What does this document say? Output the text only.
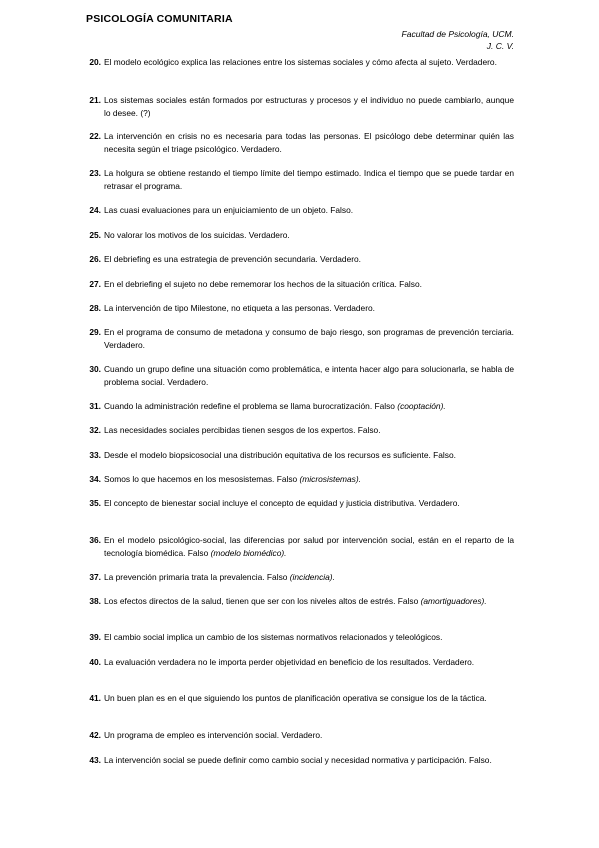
PSICOLOGÍA COMUNITARIA
Facultad de Psicología, UCM.
J. C. V.
20. El modelo ecológico explica las relaciones entre los sistemas sociales y cómo afecta al sujeto. Verdadero.
21. Los sistemas sociales están formados por estructuras y procesos y el individuo no puede cambiarlo, aunque lo desee. (?)
22. La intervención en crisis no es necesaria para todas las personas. El psicólogo debe determinar quién las necesita según el triage psicológico. Verdadero.
23. La holgura se obtiene restando el tiempo límite del tiempo estimado. Indica el tiempo que se puede tardar en retrasar el programa.
24. Las cuasi evaluaciones para un enjuiciamiento de un objeto. Falso.
25. No valorar los motivos de los suicidas. Verdadero.
26. El debriefing es una estrategia de prevención secundaria. Verdadero.
27. En el debriefing el sujeto no debe rememorar los hechos de la situación crítica. Falso.
28. La intervención de tipo Milestone, no etiqueta a las personas. Verdadero.
29. En el programa de consumo de metadona y consumo de bajo riesgo, son programas de prevención terciaria. Verdadero.
30. Cuando un grupo define una situación como problemática, e intenta hacer algo para solucionarla, se habla de problema social. Verdadero.
31. Cuando la administración redefine el problema se llama burocratización. Falso (cooptación).
32. Las necesidades sociales percibidas tienen sesgos de los expertos. Falso.
33. Desde el modelo biopsicosocial una distribución equitativa de los recursos es suficiente. Falso.
34. Somos lo que hacemos en los mesosistemas. Falso (microsistemas).
35. El concepto de bienestar social incluye el concepto de equidad y justicia distributiva. Verdadero.
36. En el modelo psicológico-social, las diferencias por salud por intervención social, están en el reparto de la tecnología biomédica. Falso (modelo biomédico).
37. La prevención primaria trata la prevalencia. Falso (incidencia).
38. Los efectos directos de la salud, tienen que ser con los niveles altos de estrés. Falso (amortiguadores).
39. El cambio social implica un cambio de los sistemas normativos relacionados y teleológicos.
40. La evaluación verdadera no le importa perder objetividad en beneficio de los resultados. Verdadero.
41. Un buen plan es en el que siguiendo los puntos de planificación operativa se consigue los de la táctica.
42. Un programa de empleo es intervención social. Verdadero.
43. La intervención social se puede definir como cambio social y necesidad normativa y participación. Falso.
